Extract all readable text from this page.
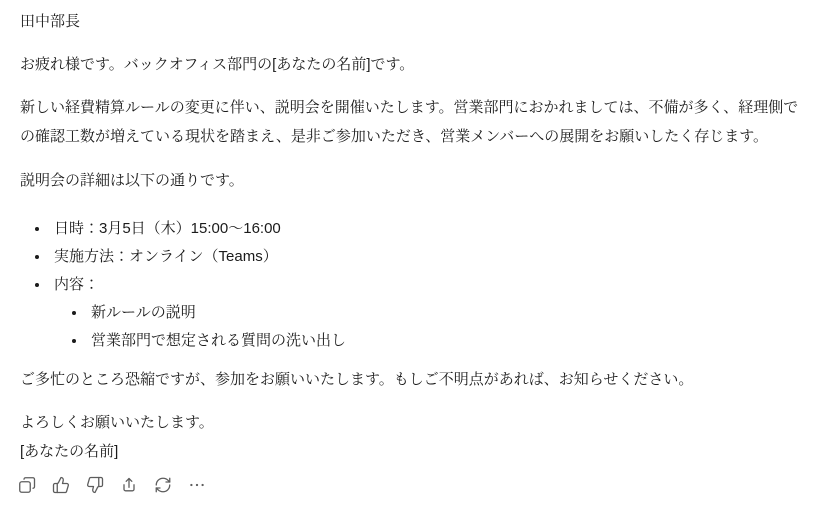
田中部長

お疲れ様です。バックオフィス部門の[あなたの名前]です。

新しい経費精算ルールの変更に伴い、説明会を開催いたします。営業部門におかれましては、不備が多く、経理側での確認工数が増えている現状を踏まえ、是非ご参加いただき、営業メンバーへの展開をお願いしたく存じます。

説明会の詳細は以下の通りです。

• 日時：3月5日（木）15:00～16:00
• 実施方法：オンライン（Teams）
• 内容：
• 新ルールの説明
• 営業部門で想定される質問の洗い出し

ご多忙のところ恐縮ですが、参加をお願いいたします。もしご不明点があれば、お知らせください。

よろしくお願いいたします。
[あなたの名前]
